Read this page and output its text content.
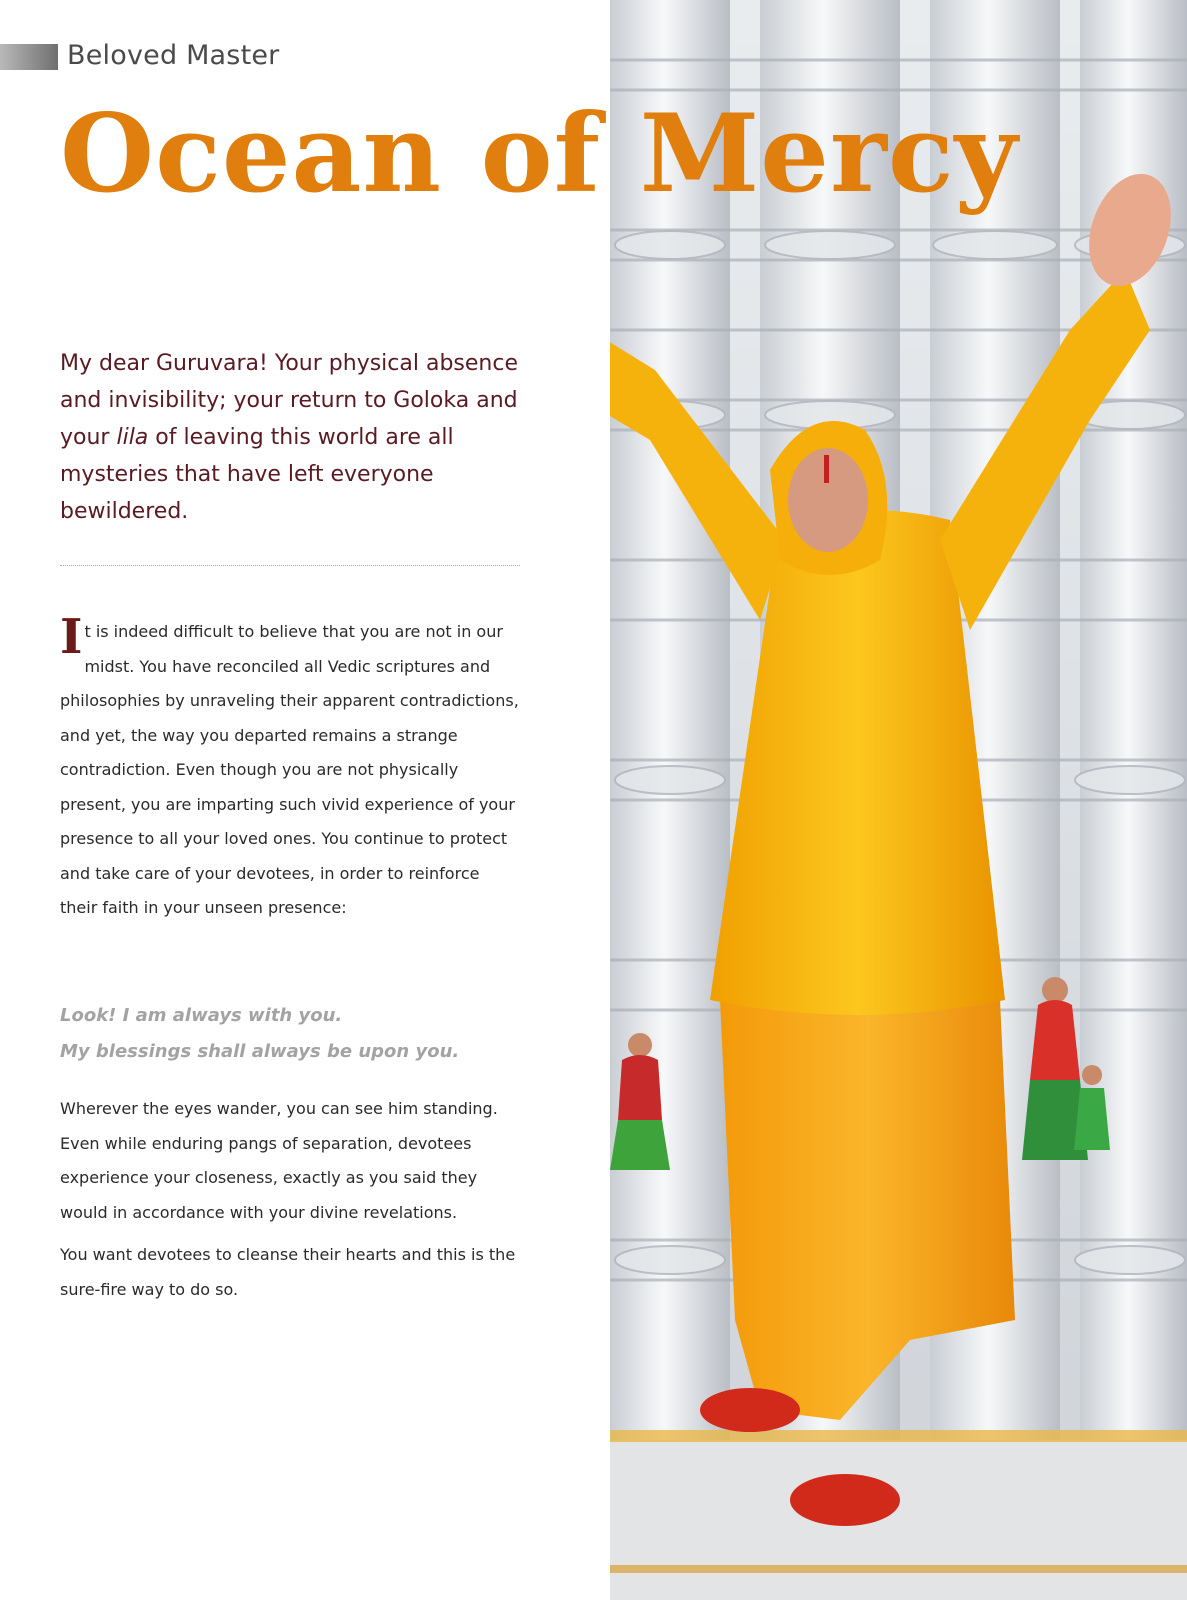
Beloved Master
Ocean of Mercy

My dear Guruvara! Your physical absence and invisibility; your return to Goloka and your lila of leaving this world are all mysteries that have left everyone bewildered.

It is indeed difficult to believe that you are not in our midst. You have reconciled all Vedic scriptures and philosophies by unraveling their apparent contradictions, and yet, the way you departed remains a strange contradiction. Even though you are not physically present, you are imparting such vivid experience of your presence to all your loved ones. You continue to protect and take care of your devotees, in order to reinforce their faith in your unseen presence:

Look! I am always with you.
My blessings shall always be upon you.

Wherever the eyes wander, you can see him standing. Even while enduring pangs of separation, devotees experience your closeness, exactly as you said they would in accordance with your divine revelations.

You want devotees to cleanse their hearts and this is the sure-fire way to do so.
